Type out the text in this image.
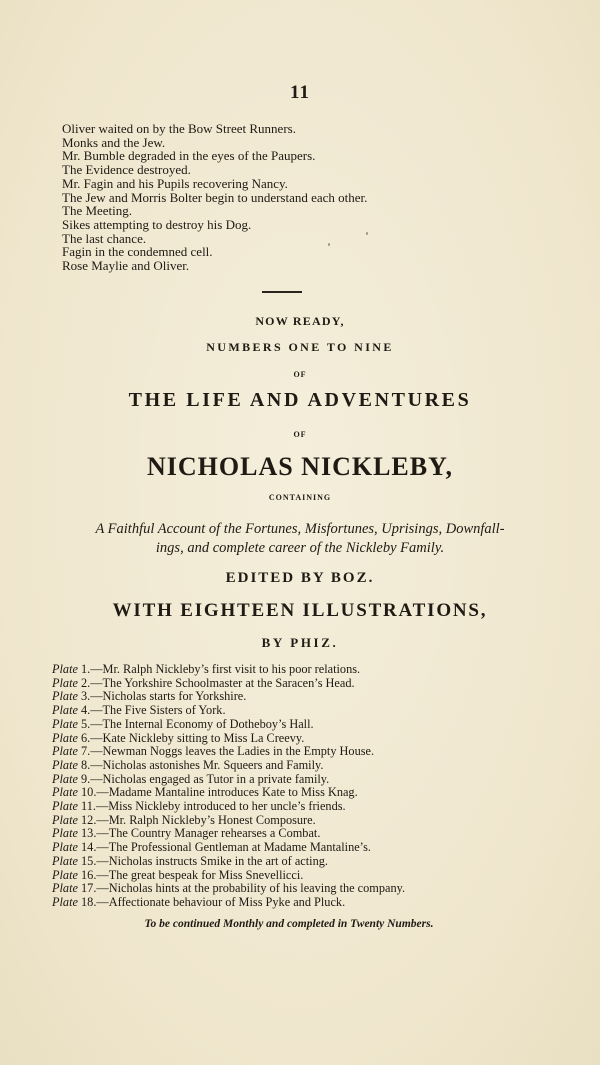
11
Oliver waited on by the Bow Street Runners.
Monks and the Jew.
Mr. Bumble degraded in the eyes of the Paupers.
The Evidence destroyed.
Mr. Fagin and his Pupils recovering Nancy.
The Jew and Morris Bolter begin to understand each other.
The Meeting.
Sikes attempting to destroy his Dog.
The last chance.
Fagin in the condemned cell.
Rose Maylie and Oliver.
NOW READY,
NUMBERS ONE TO NINE
OF
THE LIFE AND ADVENTURES
OF
NICHOLAS NICKLEBY,
CONTAINING
A Faithful Account of the Fortunes, Misfortunes, Uprisings, Downfall-
ings, and complete career of the Nickleby Family.
EDITED BY BOZ.
WITH EIGHTEEN ILLUSTRATIONS,
BY PHIZ.
Plate 1.—Mr. Ralph Nickleby’s first visit to his poor relations.
Plate 2.—The Yorkshire Schoolmaster at the Saracen’s Head.
Plate 3.—Nicholas starts for Yorkshire.
Plate 4.—The Five Sisters of York.
Plate 5.—The Internal Economy of Dotheboy’s Hall.
Plate 6.—Kate Nickleby sitting to Miss La Creevy.
Plate 7.—Newman Noggs leaves the Ladies in the Empty House.
Plate 8.—Nicholas astonishes Mr. Squeers and Family.
Plate 9.—Nicholas engaged as Tutor in a private family.
Plate 10.—Madame Mantaline introduces Kate to Miss Knag.
Plate 11.—Miss Nickleby introduced to her uncle’s friends.
Plate 12.—Mr. Ralph Nickleby’s Honest Composure.
Plate 13.—The Country Manager rehearses a Combat.
Plate 14.—The Professional Gentleman at Madame Mantaline’s.
Plate 15.—Nicholas instructs Smike in the art of acting.
Plate 16.—The great bespeak for Miss Snevellicci.
Plate 17.—Nicholas hints at the probability of his leaving the company.
Plate 18.—Affectionate behaviour of Miss Pyke and Pluck.
To be continued Monthly and completed in Twenty Numbers.
